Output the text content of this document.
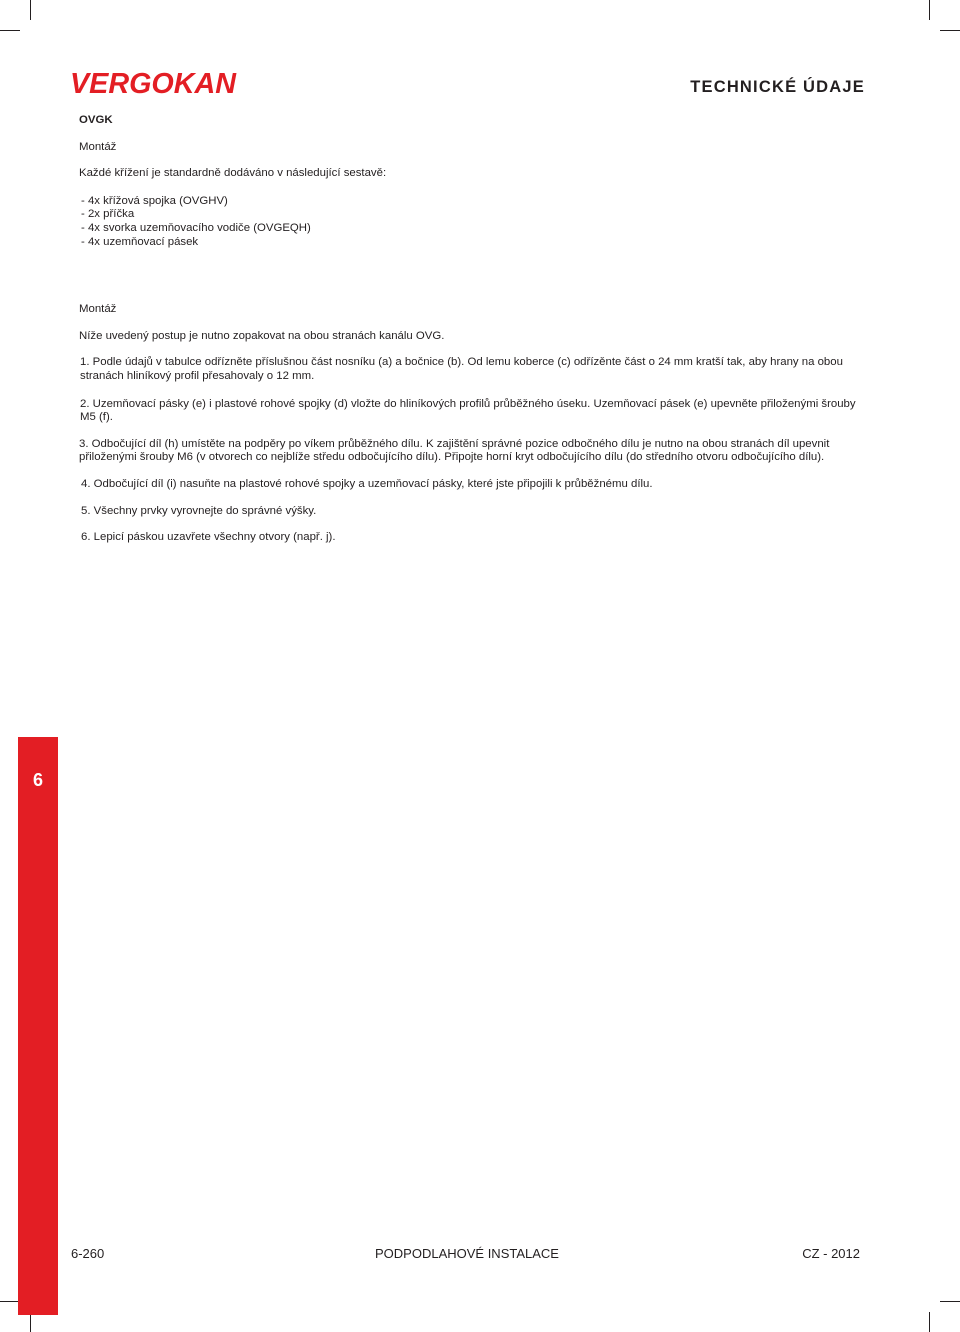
VERGOKAN	TECHNICKÉ ÚDAJE

OVGK

Montáž

Každé křížení je standardně dodáváno v následující sestavě:

- 4x křížová spojka (OVGHV)

- 2x příčka

- 4x svorka uzemňovacího vodiče (OVGEQH)

- 4x uzemňovací pásek

Montáž

Níže uvedený postup je nutno zopakovat na obou stranách kanálu OVG.

1. Podle údajů v tabulce odřízněte příslušnou část nosníku (a) a bočnice (b). Od lemu koberce (c) odřízěnte část o 24 mm kratší tak, aby hrany na obou stranách hliníkový profil přesahovaly o 12 mm.

2. Uzemňovací pásky (e) i plastové rohové spojky (d) vložte do hliníkových profilů průběžného úseku. Uzemňovací pásek (e) upevněte přiloženými šrouby M5 (f).

3. Odbočující díl (h) umístěte na podpěry po víkem průběžného dílu. K zajištění správné pozice odbočného dílu je nutno na obou stranách díl upevnit přiloženými šrouby M6 (v otvorech co nejblíže středu odbočujícího dílu). Připojte horní kryt odbočujícího dílu (do středního otvoru odbočujícího dílu).

4. Odbočující díl (i) nasuňte na plastové rohové spojky a uzemňovací pásky, které jste připojili k průběžnému dílu.

5. Všechny prvky vyrovnejte do správné výšky.

6. Lepicí páskou uzavřete všechny otvory (např. j).

6
6-260	PODPODLAHOVÉ INSTALACE	CZ - 2012
